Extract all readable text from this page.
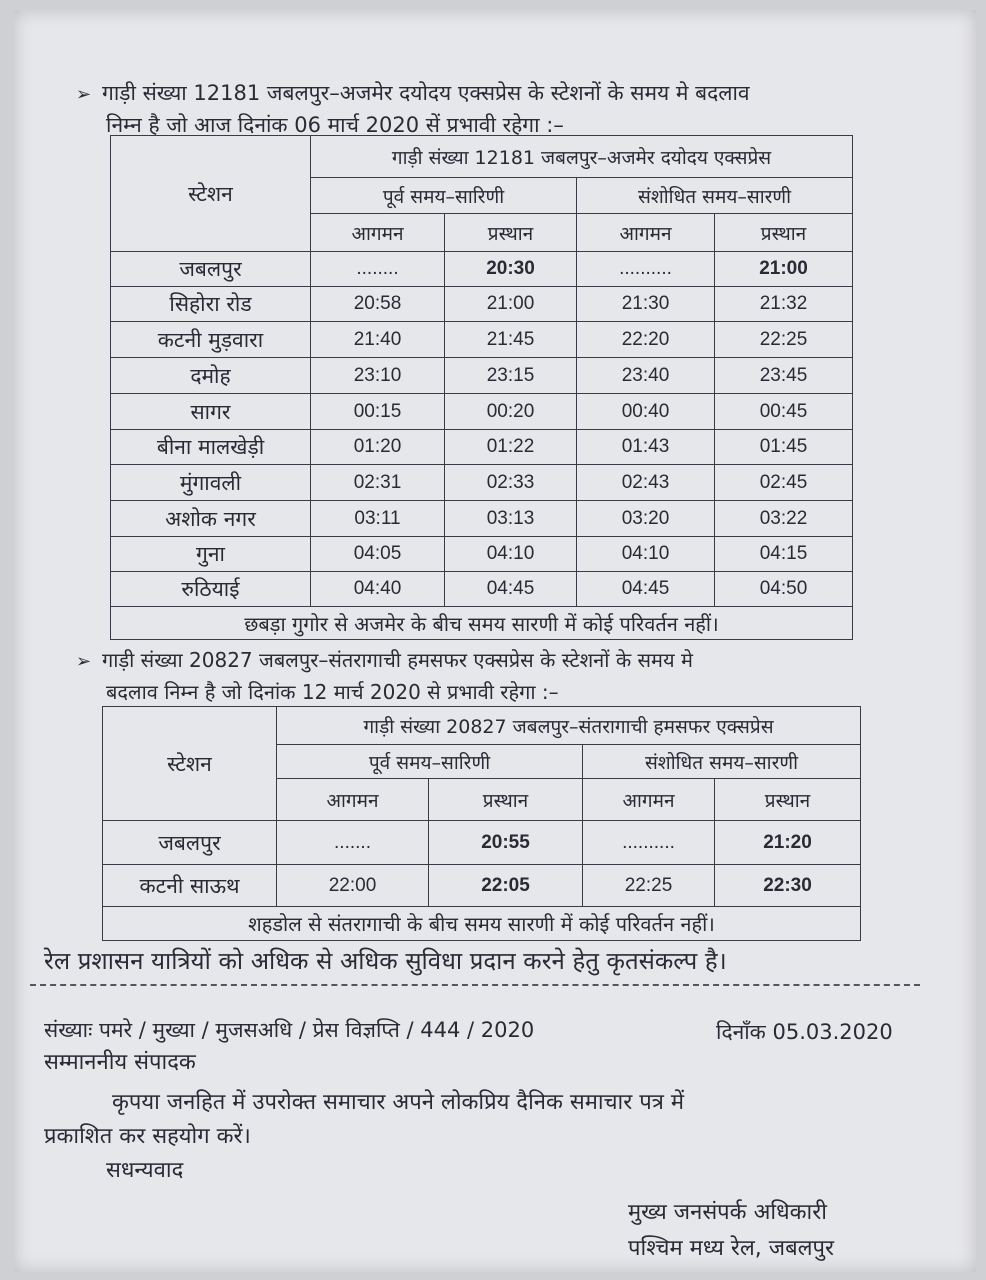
➢ गाड़ी संख्या 12181 जबलपुर–अजमेर दयोदय एक्सप्रेस के स्टेशनों के समय मे बदलाव
निम्न है जो आज दिनांक 06 मार्च 2020 सें प्रभावी रहेगा :–
स्टेशन	गाड़ी संख्या 12181 जबलपुर–अजमेर दयोदय एक्सप्रेस			
	पूर्व समय–सारिणी		संशोधित समय–सारणी	
	आगमन	प्रस्थान	आगमन	प्रस्थान
जबलपुर	........	20:30	..........	21:00
सिहोरा रोड	20:58	21:00	21:30	21:32
कटनी मुड़वारा	21:40	21:45	22:20	22:25
दमोह	23:10	23:15	23:40	23:45
सागर	00:15	00:20	00:40	00:45
बीना मालखेड़ी	01:20	01:22	01:43	01:45
मुंगावली	02:31	02:33	02:43	02:45
अशोक नगर	03:11	03:13	03:20	03:22
गुना	04:05	04:10	04:10	04:15
रुठियाई	04:40	04:45	04:45	04:50
छबड़ा गुगोर से अजमेर के बीच समय सारणी में कोई परिवर्तन नहीं।				
➢ गाड़ी संख्या 20827 जबलपुर–संतरागाची हमसफर एक्सप्रेस के स्टेशनों के समय मे
बदलाव निम्न है जो दिनांक 12 मार्च 2020 से प्रभावी रहेगा :–
स्टेशन	गाड़ी संख्या 20827 जबलपुर–संतरागाची हमसफर एक्सप्रेस			
	पूर्व समय–सारिणी		संशोधित समय–सारणी	
	आगमन	प्रस्थान	आगमन	प्रस्थान
जबलपुर	.......	20:55	..........	21:20
कटनी साऊथ	22:00	22:05	22:25	22:30
शहडोल से संतरागाची के बीच समय सारणी में कोई परिवर्तन नहीं।				
रेल प्रशासन यात्रियों को अधिक से अधिक सुविधा प्रदान करने हेतु कृतसंकल्प है।
संख्याः पमरे / मुख्या / मुजसअधि / प्रेस विज्ञप्ति / 444 / 2020	दिनाँक 05.03.2020
सम्माननीय संपादक
कृपया जनहित में उपरोक्त समाचार अपने लोकप्रिय दैनिक समाचार पत्र में
प्रकाशित कर सहयोग करें।
सधन्यवाद
मुख्य जनसंपर्क अधिकारी
पश्चिम मध्य रेल, जबलपुर
